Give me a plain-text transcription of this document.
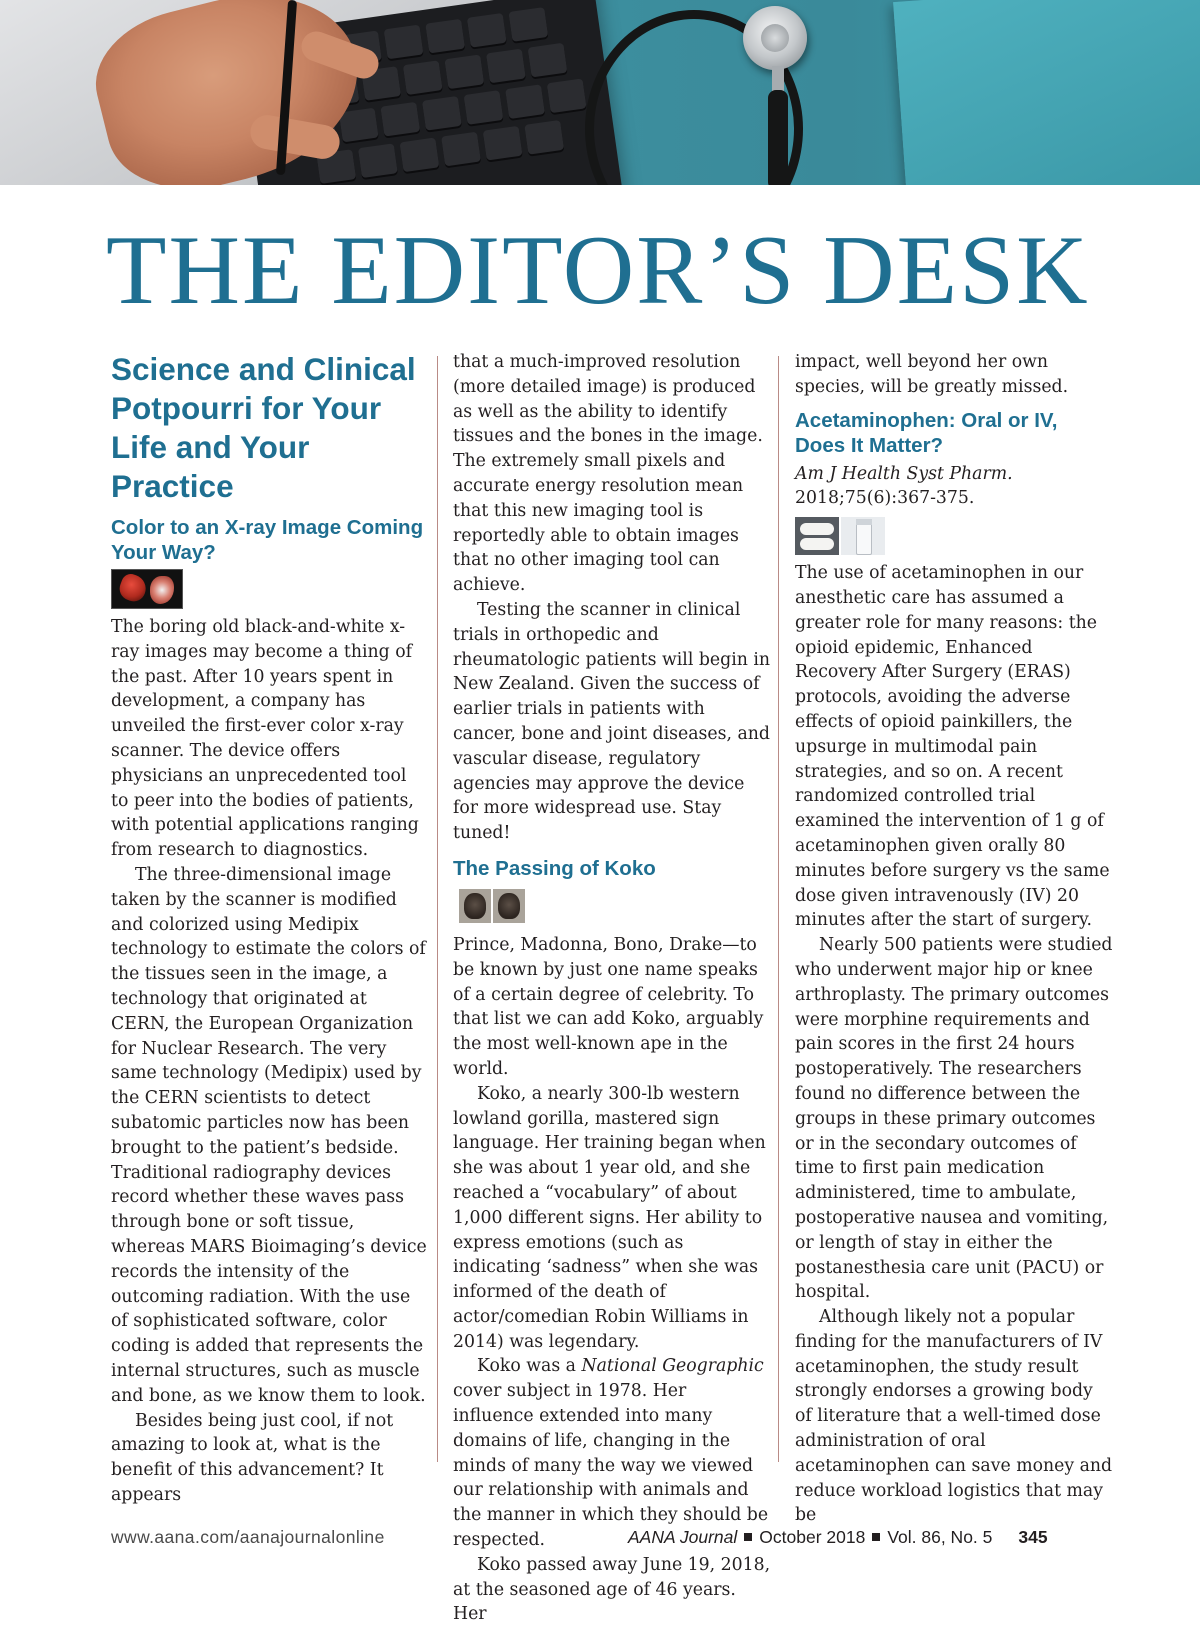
THE EDITOR’S DESK
Science and Clinical Potpourri for Your Life and Your Practice
Color to an X-ray Image Coming Your Way?

The boring old black-and-white x-ray images may become a thing of the past. After 10 years spent in development, a company has unveiled the first-ever color x-ray scanner. The device offers physicians an unprecedented tool to peer into the bodies of patients, with potential applications ranging from research to diagnostics.

The three-dimensional image taken by the scanner is modified and colorized using Medipix technology to estimate the colors of the tissues seen in the image, a technology that originated at CERN, the European Organization for Nuclear Research. The very same technology (Medipix) used by the CERN scientists to detect subatomic particles now has been brought to the patient’s bedside. Traditional radiography devices record whether these waves pass through bone or soft tissue, whereas MARS Bioimaging’s device records the intensity of the outcoming radiation. With the use of sophisticated software, color coding is added that represents the internal structures, such as muscle and bone, as we know them to look.

Besides being just cool, if not amazing to look at, what is the benefit of this advancement? It appears

that a much-improved resolution (more detailed image) is produced as well as the ability to identify tissues and the bones in the image. The extremely small pixels and accurate energy resolution mean that this new imaging tool is reportedly able to obtain images that no other imaging tool can achieve.

Testing the scanner in clinical trials in orthopedic and rheumatologic patients will begin in New Zealand. Given the success of earlier trials in patients with cancer, bone and joint diseases, and vascular disease, regulatory agencies may approve the device for more widespread use. Stay tuned!

The Passing of Koko

Prince, Madonna, Bono, Drake—to be known by just one name speaks of a certain degree of celebrity. To that list we can add Koko, arguably the most well-known ape in the world.

Koko, a nearly 300-lb western lowland gorilla, mastered sign language. Her training began when she was about 1 year old, and she reached a “vocabulary” of about 1,000 different signs. Her ability to express emotions (such as indicating ‘sadness” when she was informed of the death of actor/comedian Robin Williams in 2014) was legendary.

Koko was a National Geographic cover subject in 1978. Her influence extended into many domains of life, changing in the minds of many the way we viewed our relationship with animals and the manner in which they should be respected.

Koko passed away June 19, 2018, at the seasoned age of 46 years. Her

impact, well beyond her own species, will be greatly missed.

Acetaminophen: Oral or IV, Does It Matter?
Am J Health Syst Pharm.
2018;75(6):367-375.

The use of acetaminophen in our anesthetic care has assumed a greater role for many reasons: the opioid epidemic, Enhanced Recovery After Surgery (ERAS) protocols, avoiding the adverse effects of opioid painkillers, the upsurge in multimodal pain strategies, and so on. A recent randomized controlled trial examined the intervention of 1 g of acetaminophen given orally 80 minutes before surgery vs the same dose given intravenously (IV) 20 minutes after the start of surgery.

Nearly 500 patients were studied who underwent major hip or knee arthroplasty. The primary outcomes were morphine requirements and pain scores in the first 24 hours postoperatively. The researchers found no difference between the groups in these primary outcomes or in the secondary outcomes of time to first pain medication administered, time to ambulate, postoperative nausea and vomiting, or length of stay in either the postanesthesia care unit (PACU) or hospital.

Although likely not a popular finding for the manufacturers of IV acetaminophen, the study result strongly endorses a growing body of literature that a well-timed dose administration of oral acetaminophen can save money and reduce workload logistics that may be

www.aana.com/aanajournalonline	AANA Journal October 2018 Vol. 86, No. 5 345
